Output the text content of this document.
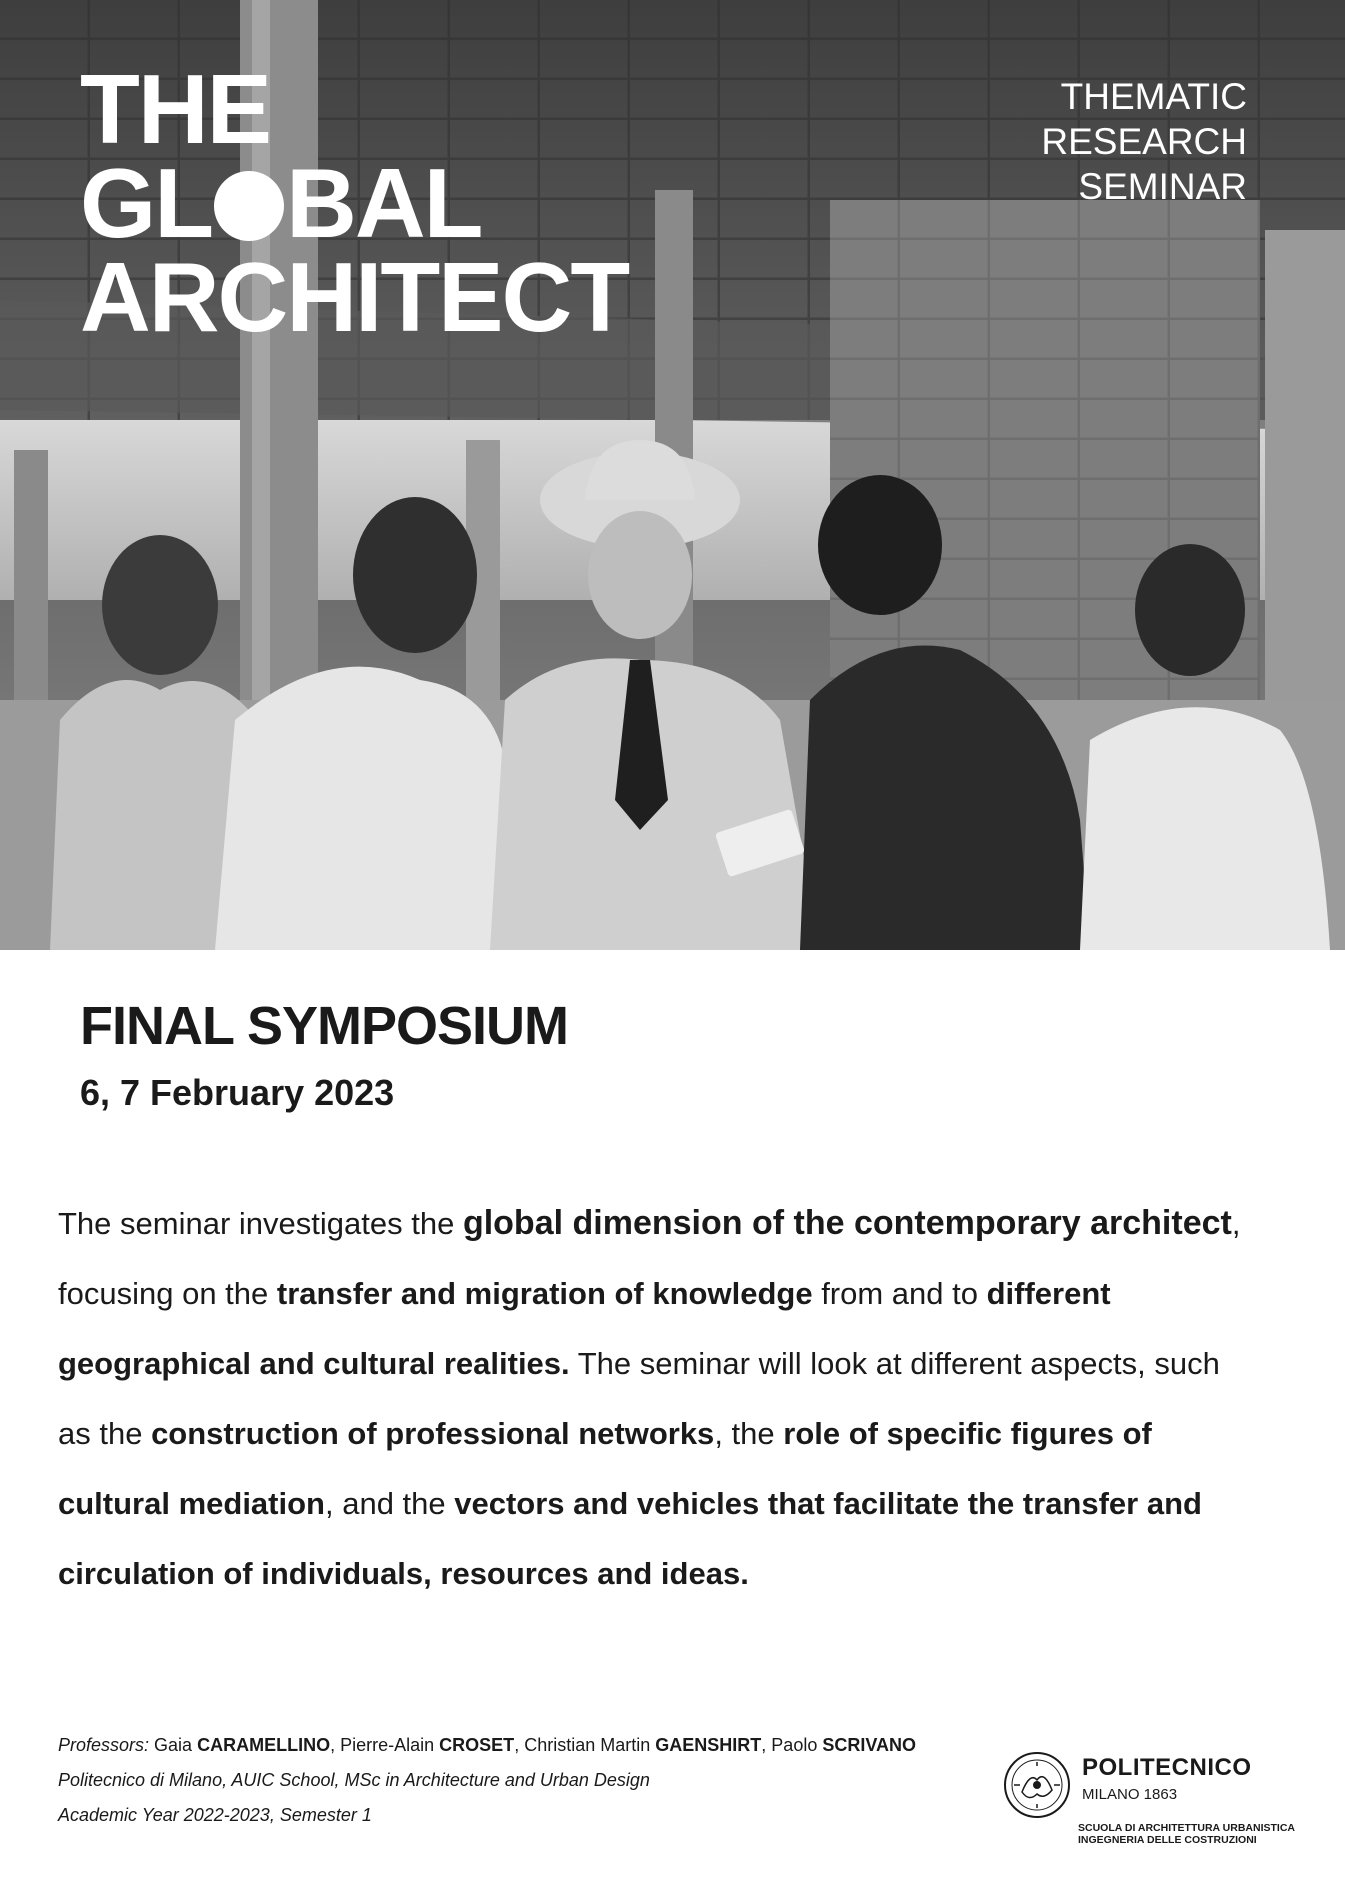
THE
GL BAL
ARCHITECT
THEMATIC
RESEARCH
SEMINAR
FINAL SYMPOSIUM

6, 7 February 2023

The seminar investigates the global dimension of the contemporary architect, focusing on the transfer and migration of knowledge from and to different geographical and cultural realities. The seminar will look at different aspects, such as the construction of professional networks, the role of specific figures of cultural mediation, and the vectors and vehicles that facilitate the transfer and circulation of individuals, resources and ideas.

Professors: Gaia CARAMELLINO, Pierre-Alain CROSET, Christian Martin GAENSHIRT, Paolo SCRIVANO
Politecnico di Milano, AUIC School, MSc in Architecture and Urban Design
Academic Year 2022-2023, Semester 1
POLITECNICO
MILANO 1863
SCUOLA DI ARCHITETTURA URBANISTICA
INGEGNERIA DELLE COSTRUZIONI
